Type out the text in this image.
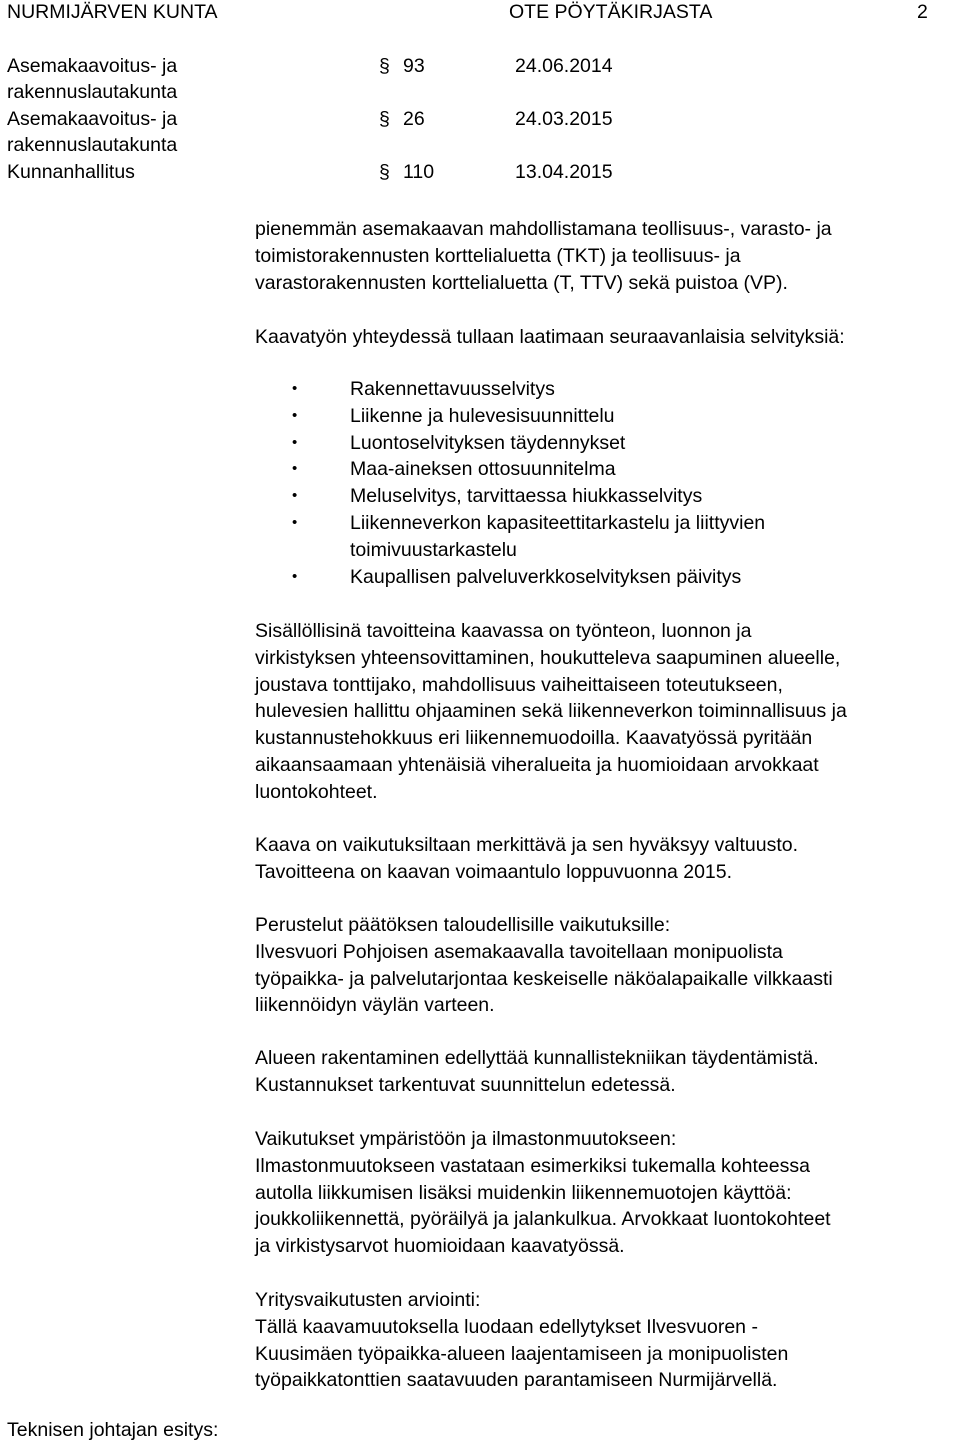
NURMIJÄRVEN KUNTA	OTE PÖYTÄKIRJASTA	2
Asemakaavoitus- ja
rakennuslautakunta
§ 93	24.06.2014
Asemakaavoitus- ja
rakennuslautakunta
§ 26	24.03.2015
Kunnanhallitus	§ 110	13.04.2015

pienemmän asemakaavan mahdollistamana teollisuus-, varasto- ja

toimistorakennusten korttelialuetta (TKT) ja teollisuus- ja

varastorakennusten korttelialuetta (T, TTV) sekä puistoa (VP).

Kaavatyön yhteydessä tullaan laatimaan seuraavanlaisia selvityksiä:

•	Rakennettavuusselvitys
•	Liikenne ja hulevesisuunnittelu
•	Luontoselvityksen täydennykset
•	Maa-aineksen ottosuunnitelma
•	Meluselvitys, tarvittaessa hiukkasselvitys
•	Liikenneverkon kapasiteettitarkastelu ja liittyvien
toimivuustarkastelu
•	Kaupallisen palveluverkkoselvityksen päivitys

Sisällöllisinä tavoitteina kaavassa on työnteon, luonnon ja

virkistyksen yhteensovittaminen, houkutteleva saapuminen alueelle,

joustava tonttijako, mahdollisuus vaiheittaiseen toteutukseen,

hulevesien hallittu ohjaaminen sekä liikenneverkon toiminnallisuus ja

kustannustehokkuus eri liikennemuodoilla. Kaavatyössä pyritään

aikaansaamaan yhtenäisiä viheralueita ja huomioidaan arvokkaat

luontokohteet.

Kaava on vaikutuksiltaan merkittävä ja sen hyväksyy valtuusto.

Tavoitteena on kaavan voimaantulo loppuvuonna 2015.

Perustelut päätöksen taloudellisille vaikutuksille:

Ilvesvuori Pohjoisen asemakaavalla tavoitellaan monipuolista

työpaikka- ja palvelutarjontaa keskeiselle näköalapaikalle vilkkaasti

liikennöidyn väylän varteen.

Alueen rakentaminen edellyttää kunnallistekniikan täydentämistä.

Kustannukset tarkentuvat suunnittelun edetessä.

Vaikutukset ympäristöön ja ilmastonmuutokseen:

Ilmastonmuutokseen vastataan esimerkiksi tukemalla kohteessa

autolla liikkumisen lisäksi muidenkin liikennemuotojen käyttöä:

joukkoliikennettä, pyöräilyä ja jalankulkua. Arvokkaat luontokohteet

ja virkistysarvot huomioidaan kaavatyössä.

Yritysvaikutusten arviointi:

Tällä kaavamuutoksella luodaan edellytykset Ilvesvuoren -

Kuusimäen työpaikka-alueen laajentamiseen ja monipuolisten

työpaikkatonttien saatavuuden parantamiseen Nurmijärvellä.

Teknisen johtajan esitys:
